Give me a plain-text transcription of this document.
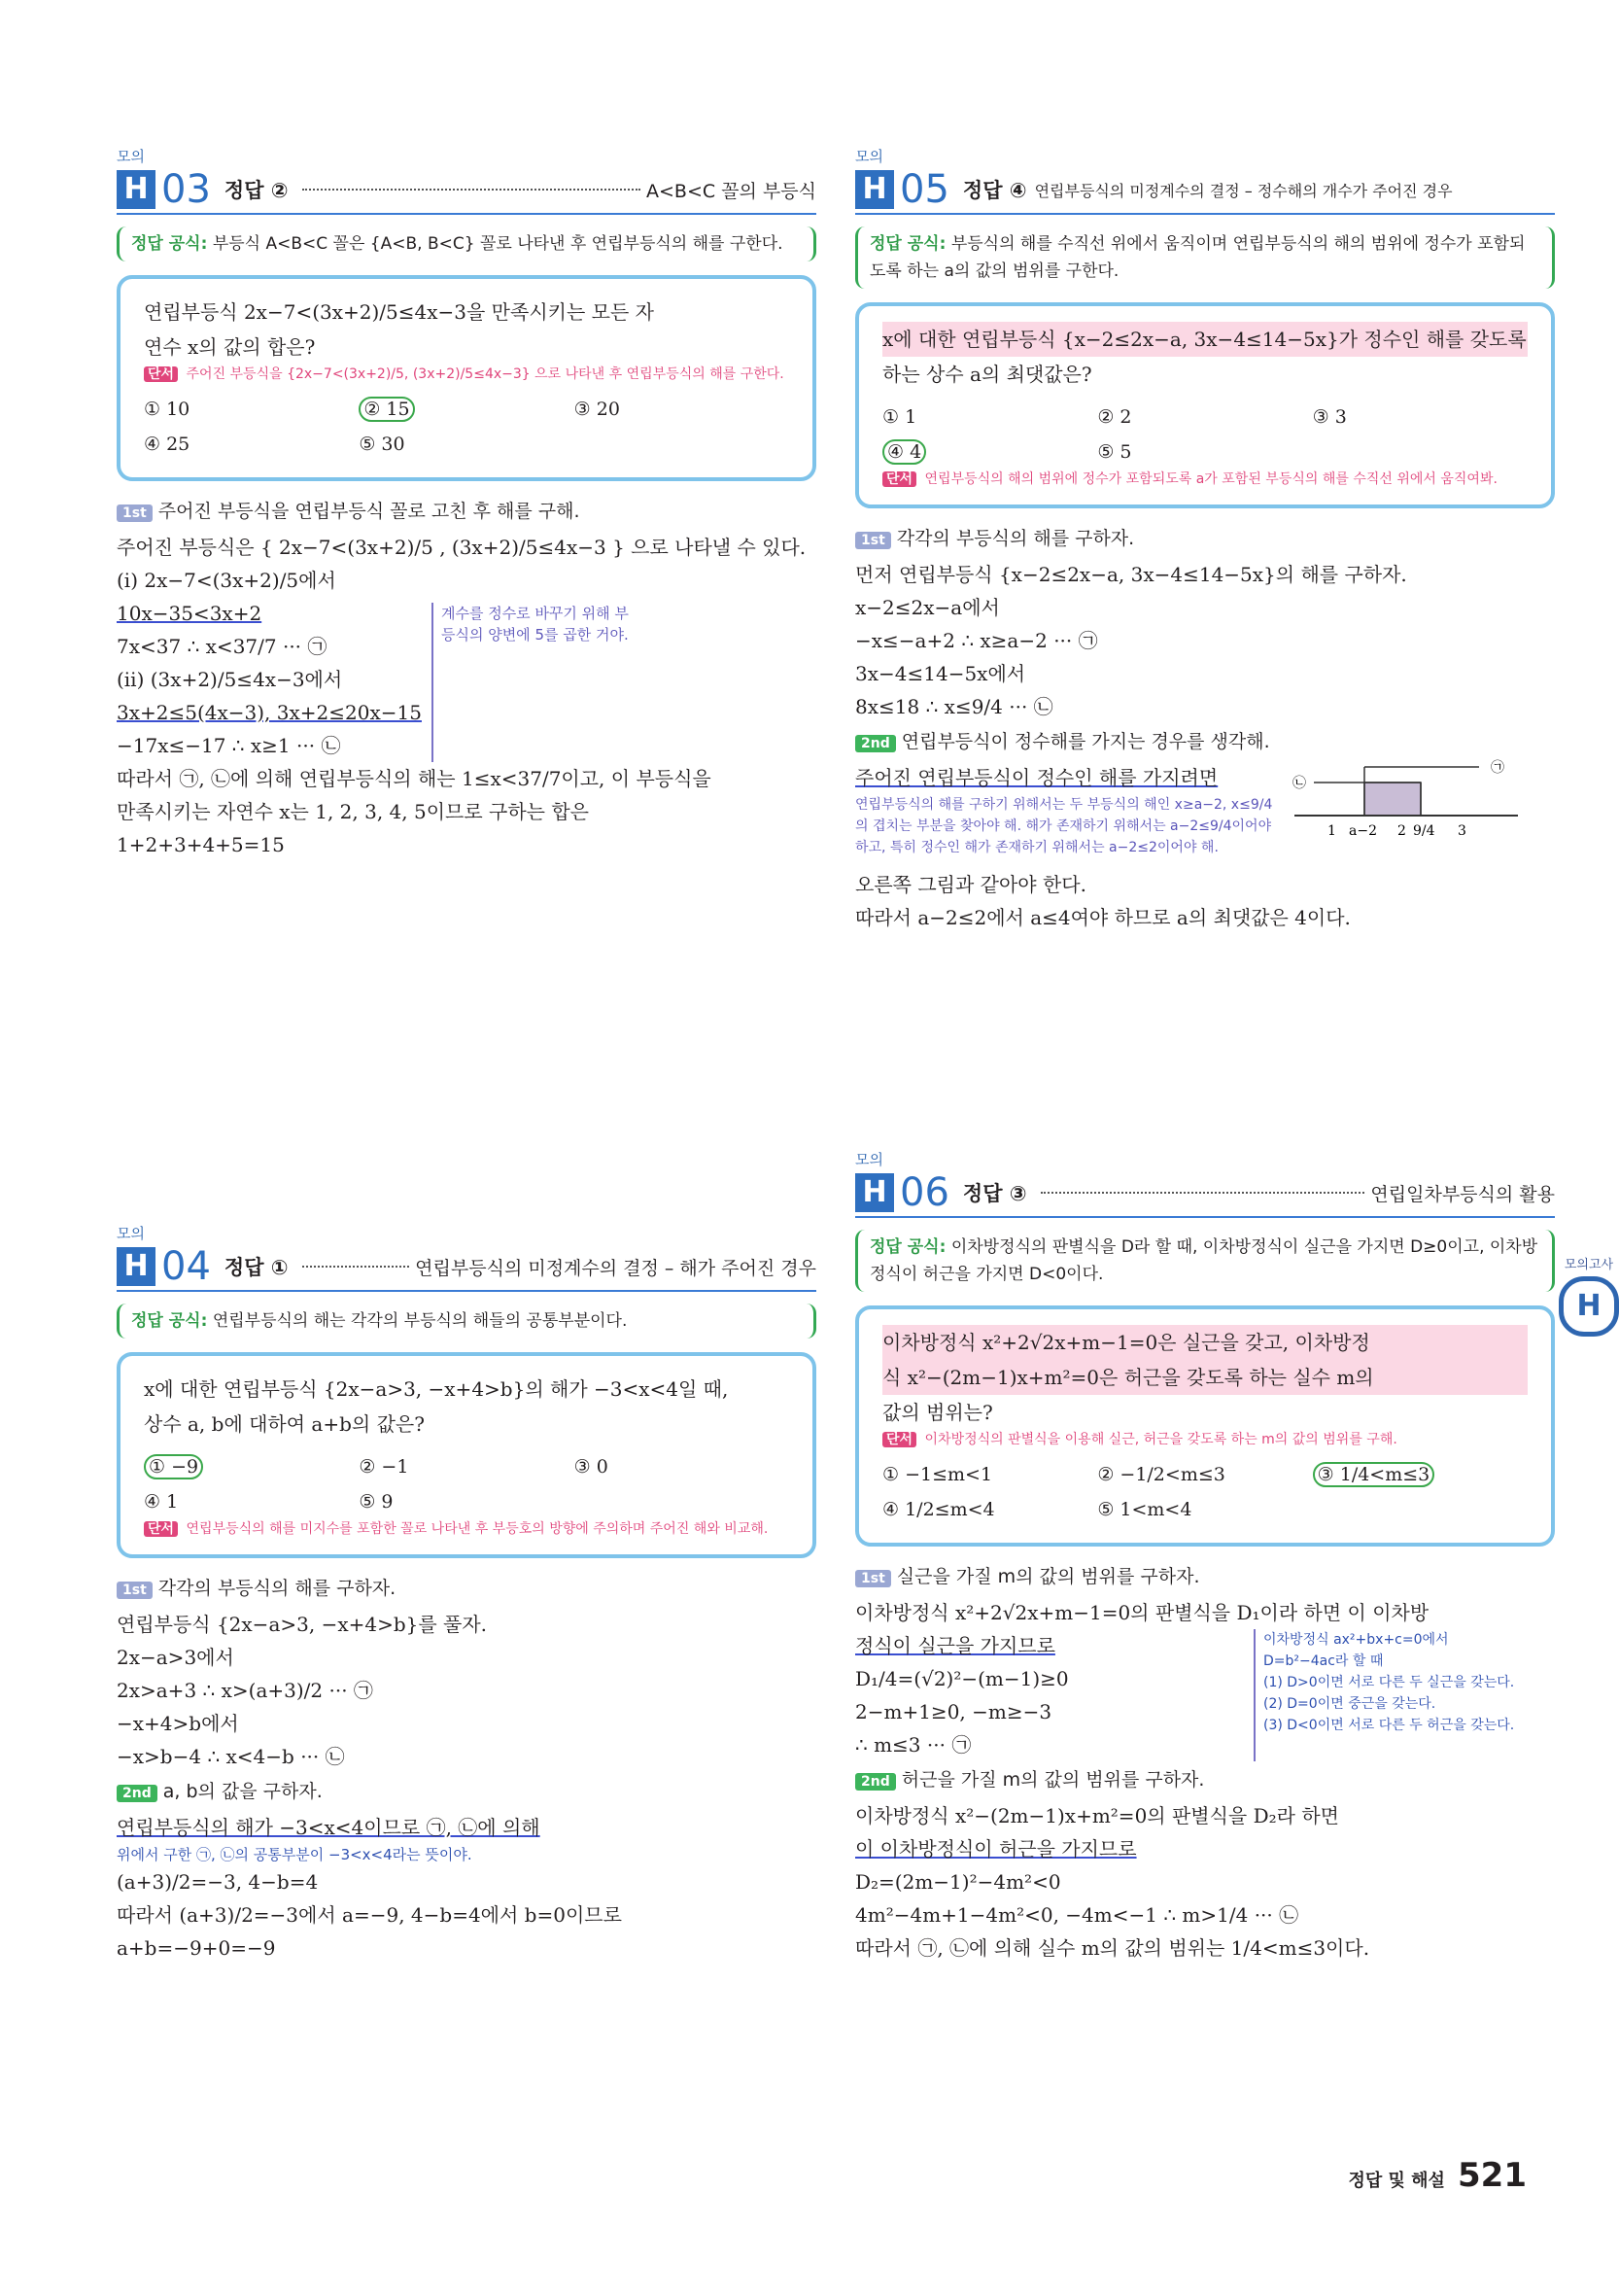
모의
H 03 정답 ②	A<B<C 꼴의 부등식
정답 공식: 부등식 A<B<C 꼴은 {A<B, B<C} 꼴로 나타낸 후 연립부등식의 해를 구한다.
연립부등식 2x−7<(3x+2)/5≤4x−3을 만족시키는 모든 자
연수 x의 값의 합은?
단서 주어진 부등식을 {2x−7<(3x+2)/5, (3x+2)/5≤4x−3} 으로 나타낸 후 연립부등식의 해를 구한다.
① 10	② 15	③ 20
④ 25	⑤ 30
1st 주어진 부등식을 연립부등식 꼴로 고친 후 해를 구해.
주어진 부등식은 { 2x−7<(3x+2)/5 , (3x+2)/5≤4x−3 } 으로 나타낼 수 있다.
(ⅰ) 2x−7<(3x+2)/5에서
10x−35<3x+2
7x<37 ∴ x<37/7 ··· ㉠
(ⅱ) (3x+2)/5≤4x−3에서
3x+2≤5(4x−3), 3x+2≤20x−15
−17x≤−17 ∴ x≥1 ··· ㉡
계수를 정수로 바꾸기 위해 부등식의 양변에 5를 곱한 거야.
따라서 ㉠, ㉡에 의해 연립부등식의 해는 1≤x<37/7이고, 이 부등식을
만족시키는 자연수 x는 1, 2, 3, 4, 5이므로 구하는 합은
1+2+3+4+5=15
모의
H 04 정답 ①	연립부등식의 미정계수의 결정 – 해가 주어진 경우
정답 공식: 연립부등식의 해는 각각의 부등식의 해들의 공통부분이다.
x에 대한 연립부등식 {2x−a>3, −x+4>b}의 해가 −3<x<4일 때,
상수 a, b에 대하여 a+b의 값은?
① −9	② −1	③ 0
④ 1	⑤ 9
단서 연립부등식의 해를 미지수를 포함한 꼴로 나타낸 후 부등호의 방향에 주의하며 주어진 해와 비교해.
1st 각각의 부등식의 해를 구하자.
연립부등식 {2x−a>3, −x+4>b}를 풀자.
2x−a>3에서
2x>a+3 ∴ x>(a+3)/2 ··· ㉠
−x+4>b에서
−x>b−4 ∴ x<4−b ··· ㉡
2nd a, b의 값을 구하자.
연립부등식의 해가 −3<x<4이므로 ㉠, ㉡에 의해
위에서 구한 ㉠, ㉡의 공통부분이 −3<x<4라는 뜻이야.
(a+3)/2=−3, 4−b=4
따라서 (a+3)/2=−3에서 a=−9, 4−b=4에서 b=0이므로
a+b=−9+0=−9
모의
H 05 정답 ④ 연립부등식의 미정계수의 결정 – 정수해의 개수가 주어진 경우
정답 공식: 부등식의 해를 수직선 위에서 움직이며 연립부등식의 해의 범위에 정수가 포함되도록 하는 a의 값의 범위를 구한다.
x에 대한 연립부등식 {x−2≤2x−a, 3x−4≤14−5x}가 정수인 해를 갖도록
하는 상수 a의 최댓값은?
① 1	② 2	③ 3
④ 4	⑤ 5
단서 연립부등식의 해의 범위에 정수가 포함되도록 a가 포함된 부등식의 해를 수직선 위에서 움직여봐.
1st 각각의 부등식의 해를 구하자.
먼저 연립부등식 {x−2≤2x−a, 3x−4≤14−5x}의 해를 구하자.
x−2≤2x−a에서
−x≤−a+2 ∴ x≥a−2 ··· ㉠
3x−4≤14−5x에서
8x≤18 ∴ x≤9/4 ··· ㉡
2nd 연립부등식이 정수해를 가지는 경우를 생각해.
주어진 연립부등식이 정수인 해를 가지려면
연립부등식의 해를 구하기 위해서는 두 부등식의 해인 x≥a−2, x≤9/4의 겹치는 부분을 찾아야 해. 해가 존재하기 위해서는 a−2≤9/4이어야 하고, 특히 정수인 해가 존재하기 위해서는 a−2≤2이어야 해.
㉠
㉡
1 a−2 2 9/4 3
오른쪽 그림과 같아야 한다.
따라서 a−2≤2에서 a≤4여야 하므로 a의 최댓값은 4이다.
모의
H 06 정답 ③	연립일차부등식의 활용
정답 공식: 이차방정식의 판별식을 D라 할 때, 이차방정식이 실근을 가지면 D≥0이고, 이차방정식이 허근을 가지면 D<0이다.
이차방정식 x²+2√2x+m−1=0은 실근을 갖고, 이차방정
식 x²−(2m−1)x+m²=0은 허근을 갖도록 하는 실수 m의
값의 범위는?
단서 이차방정식의 판별식을 이용해 실근, 허근을 갖도록 하는 m의 값의 범위를 구해.
① −1≤m<1	② −1/2<m≤3	③ 1/4<m≤3
④ 1/2≤m<4	⑤ 1<m<4
1st 실근을 가질 m의 값의 범위를 구하자.
이차방정식 x²+2√2x+m−1=0의 판별식을 D₁이라 하면 이 이차방
정식이 실근을 가지므로
D₁/4=(√2)²−(m−1)≥0
2−m+1≥0, −m≥−3
∴ m≤3 ··· ㉠
이차방정식 ax²+bx+c=0에서
D=b²−4ac라 할 때
(1) D>0이면 서로 다른 두 실근을 갖는다.
(2) D=0이면 중근을 갖는다.
(3) D<0이면 서로 다른 두 허근을 갖는다.
2nd 허근을 가질 m의 값의 범위를 구하자.
이차방정식 x²−(2m−1)x+m²=0의 판별식을 D₂라 하면
이 이차방정식이 허근을 가지므로
D₂=(2m−1)²−4m²<0
4m²−4m+1−4m²<0, −4m<−1 ∴ m>1/4 ··· ㉡
따라서 ㉠, ㉡에 의해 실수 m의 값의 범위는 1/4<m≤3이다.
모의고사
H
정답 및 해설 521
